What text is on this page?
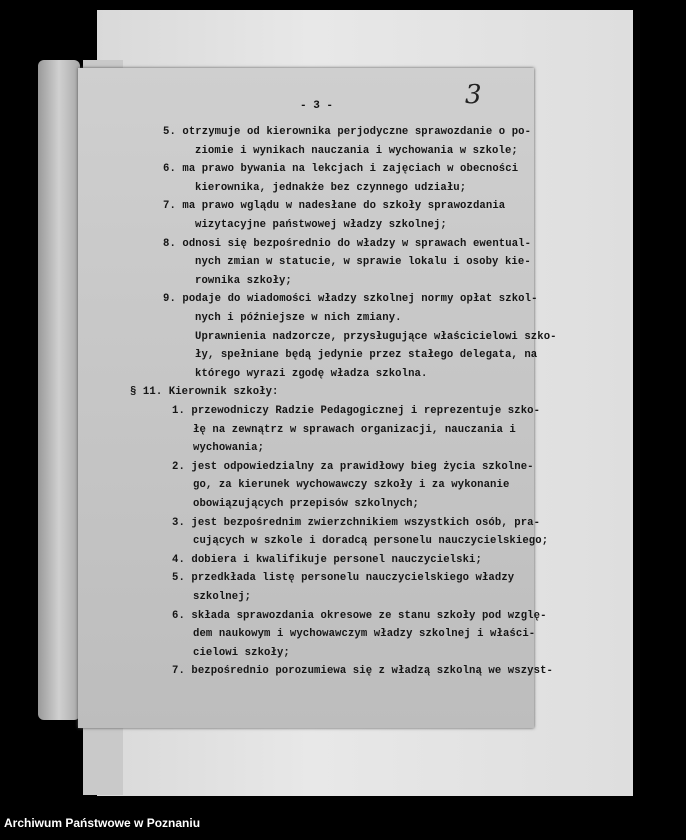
- 3 -	3
5. otrzymuje od kierownika perjodyczne sprawozdanie o po-
ziomie i wynikach nauczania i wychowania w szkole;
6. ma prawo bywania na lekcjach i zajęciach w obecności
kierownika, jednakże bez czynnego udziału;
7. ma prawo wglądu w nadesłane do szkoły sprawozdania
wizytacyjne państwowej władzy szkolnej;
8. odnosi się bezpośrednio do władzy w sprawach ewentual-
nych zmian w statucie, w sprawie lokalu i osoby kie-
rownika szkoły;
9. podaje do wiadomości władzy szkolnej normy opłat szkol-
nych i późniejsze w nich zmiany.
Uprawnienia nadzorcze, przysługujące właścicielowi szko-
ły, spełniane będą jedynie przez stałego delegata, na
którego wyrazi zgodę władza szkolna.
§ 11. Kierownik szkoły:
1. przewodniczy Radzie Pedagogicznej i reprezentuje szko-
łę na zewnątrz w sprawach organizacji, nauczania i
wychowania;
2. jest odpowiedzialny za prawidłowy bieg życia szkolne-
go, za kierunek wychowawczy szkoły i za wykonanie
obowiązujących przepisów szkolnych;
3. jest bezpośrednim zwierzchnikiem wszystkich osób, pra-
cujących w szkole i doradcą personelu nauczycielskiego;
4. dobiera i kwalifikuje personel nauczycielski;
5. przedkłada listę personelu nauczycielskiego władzy
szkolnej;
6. składa sprawozdania okresowe ze stanu szkoły pod wzglę-
dem naukowym i wychowawczym władzy szkolnej i właści-
cielowi szkoły;
7. bezpośrednio porozumiewa się z władzą szkolną we wszyst-
Archiwum Państwowe w Poznaniu
